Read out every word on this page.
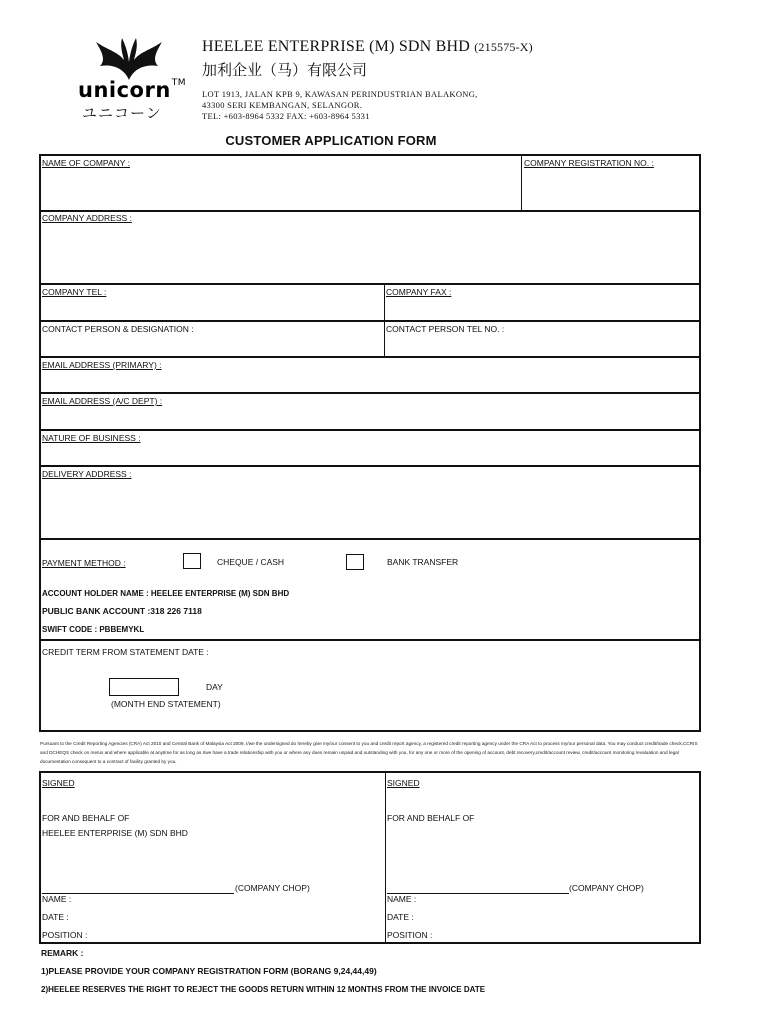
unicorn™
ユニコーン
HEELEE ENTERPRISE (M) SDN BHD (215575-X)
加利企业（马）有限公司
LOT 1913, JALAN KPB 9, KAWASAN PERINDUSTRIAN BALAKONG,
43300 SERI KEMBANGAN, SELANGOR.
TEL: +603-8964 5332 FAX: +603-8964 5331
CUSTOMER APPLICATION FORM
NAME OF COMPANY :	COMPANY REGISTRATION NO. :
COMPANY ADDRESS :
COMPANY TEL :	COMPANY FAX :
CONTACT PERSON & DESIGNATION :	CONTACT PERSON TEL NO. :
EMAIL ADDRESS (PRIMARY) :
EMAIL ADDRESS (A/C DEPT) :
NATURE OF BUSINESS :
DELIVERY ADDRESS :
PAYMENT METHOD :	CHEQUE / CASH	BANK TRANSFER
ACCOUNT HOLDER NAME : HEELEE ENTERPRISE (M) SDN BHD
PUBLIC BANK ACCOUNT :318 226 7118
SWIFT CODE : PBBEMYKL
CREDIT TERM FROM STATEMENT DATE :
DAY
(MONTH END STATEMENT)
Pursuant to the Credit Reporting Agencies (CRA) Act 2010 and Central Bank of Malaysia Act 2009, I/we the undersigned do hereby give my/our consent to you and credit report agency, a registered credit reporting agency under the CRA Act to process my/our personal data. You may conduct credit/trade check,CCRIS and DCHEQS check on me/us and where applicable at anytime for as long as I/we have a trade relationship with you or where any dues remain unpaid and outstanding with you, for any one or more of the opening of account, debt recovery,credit/account review, credit/account monitoring /evaluation and legal documentation consequent to a contract of facility granted by you.
SIGNED
FOR AND BEHALF OF
HEELEE ENTERPRISE (M) SDN BHD
(COMPANY CHOP)
NAME :
DATE :
POSITION :
SIGNED
FOR AND BEHALF OF
(COMPANY CHOP)
NAME :
DATE :
POSITION :
REMARK :
1)PLEASE PROVIDE YOUR COMPANY REGISTRATION FORM (BORANG 9,24,44,49)
2)HEELEE RESERVES THE RIGHT TO REJECT THE GOODS RETURN WITHIN 12 MONTHS FROM THE INVOICE DATE
